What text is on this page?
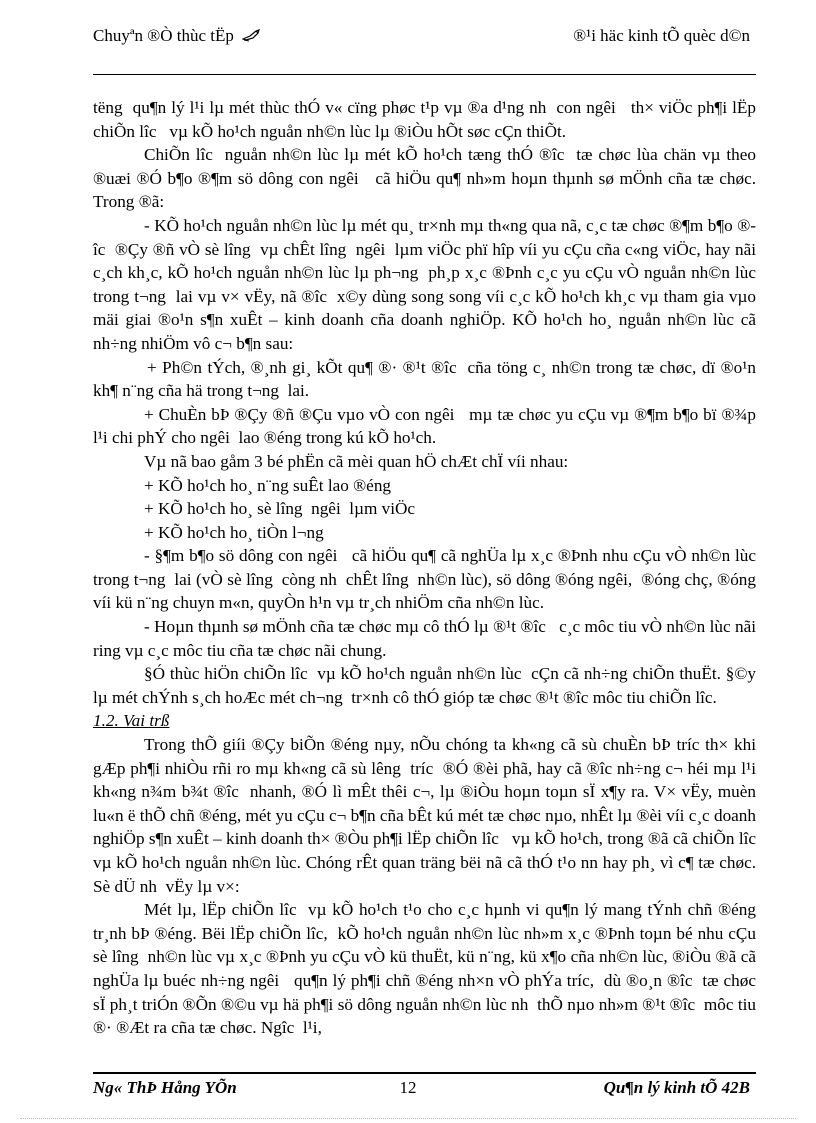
Chuyªn ®Ò thùc tËp	®¹i häc kinh tÕ quèc d©n

tëng  qu¶n lý l¹i lµ mét thùc thÓ v« cïng phøc t¹p vµ ®a d¹ng nh  con ngêi   th× viÖc ph¶i lËp chiÕn lîc   vµ kÕ ho¹ch nguån nh©n lùc lµ ®iÒu hÕt søc cÇn thiÕt.

ChiÕn lîc  nguån nh©n lùc lµ mét kÕ ho¹ch tæng thÓ ®îc  tæ chøc lùa chän vµ theo ®uæi ®Ó b¶o ®¶m sö dông con ngêi   cã hiÖu qu¶ nh»m hoµn thµnh sø mÖnh cña tæ chøc. Trong ®ã:

- KÕ ho¹ch nguån nh©n lùc lµ mét qu¸ tr×nh mµ th«ng qua nã, c¸c tæ chøc ®¶m b¶o ®îc  ®Çy ®ñ vÒ sè lîng  vµ chÊt lîng  ngêi  lµm viÖc phï hîp víi yu cÇu cña c«ng viÖc, hay nãi c¸ch kh¸c, kÕ ho¹ch nguån nh©n lùc lµ ph¬ng  ph¸p x¸c ®Þnh c¸c yu cÇu vÒ nguån nh©n lùc trong t¬ng  lai vµ v× vËy, nã ®îc  x©y dùng song song víi c¸c kÕ ho¹ch kh¸c vµ tham gia vµo mäi giai ®o¹n s¶n xuÊt – kinh doanh cña doanh nghiÖp. KÕ ho¹ch ho¸ nguån nh©n lùc cã nh÷ng nhiÖm vô c¬ b¶n sau:

+ Ph©n tÝch, ®¸nh gi¸ kÕt qu¶ ®· ®¹t ®îc  cña töng c¸ nh©n trong tæ chøc, dï ®o¹n kh¶ n¨ng cña hä trong t¬ng  lai.

+ ChuÈn bÞ ®Çy ®ñ ®Çu vµo vÒ con ngêi   mµ tæ chøc yu cÇu vµ ®¶m b¶o bï ®¾p l¹i chi phÝ cho ngêi  lao ®éng trong kú kÕ ho¹ch.

Vµ nã bao gåm 3 bé phËn cã mèi quan hÖ chÆt chÏ víi nhau:

+ KÕ ho¹ch ho¸ n¨ng suÊt lao ®éng

+ KÕ ho¹ch ho¸ sè lîng  ngêi  lµm viÖc

+ KÕ ho¹ch ho¸ tiÒn l¬ng

- §¶m b¶o sö dông con ngêi   cã hiÖu qu¶ cã nghÜa lµ x¸c ®Þnh nhu cÇu vÒ nh©n lùc trong t¬ng  lai (vÒ sè lîng  còng nh  chÊt lîng  nh©n lùc), sö dông ®óng ngêi,  ®óng chç, ®óng víi kü n¨ng chuyn m«n, quyÒn h¹n vµ tr¸ch nhiÖm cña nh©n lùc.

- Hoµn thµnh sø mÖnh cña tæ chøc mµ cô thÓ lµ ®¹t ®îc   c¸c môc tiu vÒ nh©n lùc nãi ring vµ c¸c môc tiu cña tæ chøc nãi chung.

§Ó thùc hiÖn chiÕn lîc  vµ kÕ ho¹ch nguån nh©n lùc  cÇn cã nh÷ng chiÕn thuËt. §©y lµ mét chÝnh s¸ch hoÆc mét ch¬ng  tr×nh cô thÓ gióp tæ chøc ®¹t ®îc môc tiu chiÕn lîc.

1.2. Vai trß

Trong thÕ giíi ®Çy biÕn ®éng nµy, nÕu chóng ta kh«ng cã sù chuÈn bÞ tríc th× khi gÆp ph¶i nhiÒu rñi ro mµ kh«ng cã sù lêng  tríc  ®Ó ®èi phã, hay cã ®îc nh÷ng c¬ héi mµ l¹i kh«ng n¾m b¾t ®îc  nhanh, ®Ó lì mÊt thêi c¬, lµ ®iÒu hoµn toµn sÏ x¶y ra. V× vËy, muèn lu«n ë thÕ chñ ®éng, mét yu cÇu c¬ b¶n cña bÊt kú mét tæ chøc nµo, nhÊt lµ ®èi víi c¸c doanh nghiÖp s¶n xuÊt – kinh doanh th× ®Òu ph¶i lËp chiÕn lîc   vµ kÕ ho¹ch, trong ®ã cã chiÕn lîc   vµ kÕ ho¹ch nguån nh©n lùc. Chóng rÊt quan träng bëi nã cã thÓ t¹o nn hay ph¸ vì c¶ tæ chøc. Sè dÜ nh  vËy lµ v×:

Mét lµ, lËp chiÕn lîc  vµ kÕ ho¹ch t¹o cho c¸c hµnh vi qu¶n lý mang tÝnh chñ ®éng tr¸nh bÞ ®éng. Bëi lËp chiÕn lîc,  kÕ ho¹ch nguån nh©n lùc nh»m x¸c ®Þnh toµn bé nhu cÇu sè lîng  nh©n lùc vµ x¸c ®Þnh yu cÇu vÒ kü thuËt, kü n¨ng, kü x¶o cña nh©n lùc, ®iÒu ®ã cã nghÜa lµ buéc nh÷ng ngêi   qu¶n lý ph¶i chñ ®éng nh×n vÒ phÝa tríc,  dù ®o¸n ®îc  tæ chøc sÏ ph¸t triÓn ®Õn ®©u vµ hä ph¶i sö dông nguån nh©n lùc nh  thÕ nµo nh»m ®¹t ®îc  môc tiu ®· ®Æt ra cña tæ chøc. Ngîc  l¹i,

Ng« ThÞ Hång YÕn	12	Qu¶n lý kinh tÕ 42B
